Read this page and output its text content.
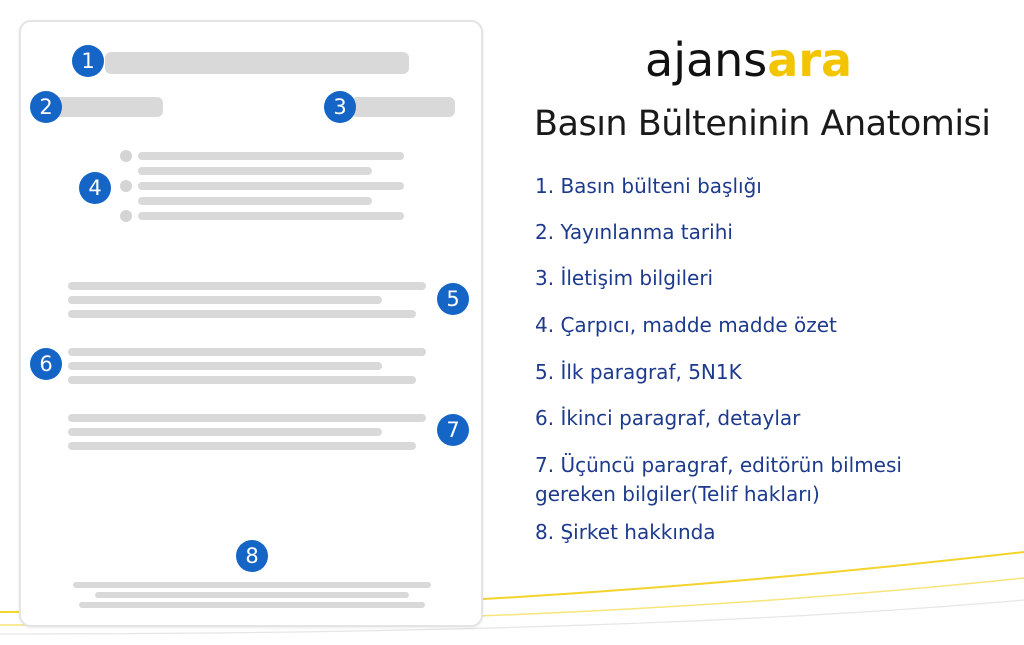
1
2	3
4
5
6
7
8
ajansara
Basın Bülteninin Anatomisi
1. Basın bülteni başlığı
2. Yayınlanma tarihi
3. İletişim bilgileri
4. Çarpıcı, madde madde özet
5. İlk paragraf, 5N1K
6. İkinci paragraf, detaylar
7. Üçüncü paragraf, editörün bilmesi
gereken bilgiler(Telif hakları)
8. Şirket hakkında
